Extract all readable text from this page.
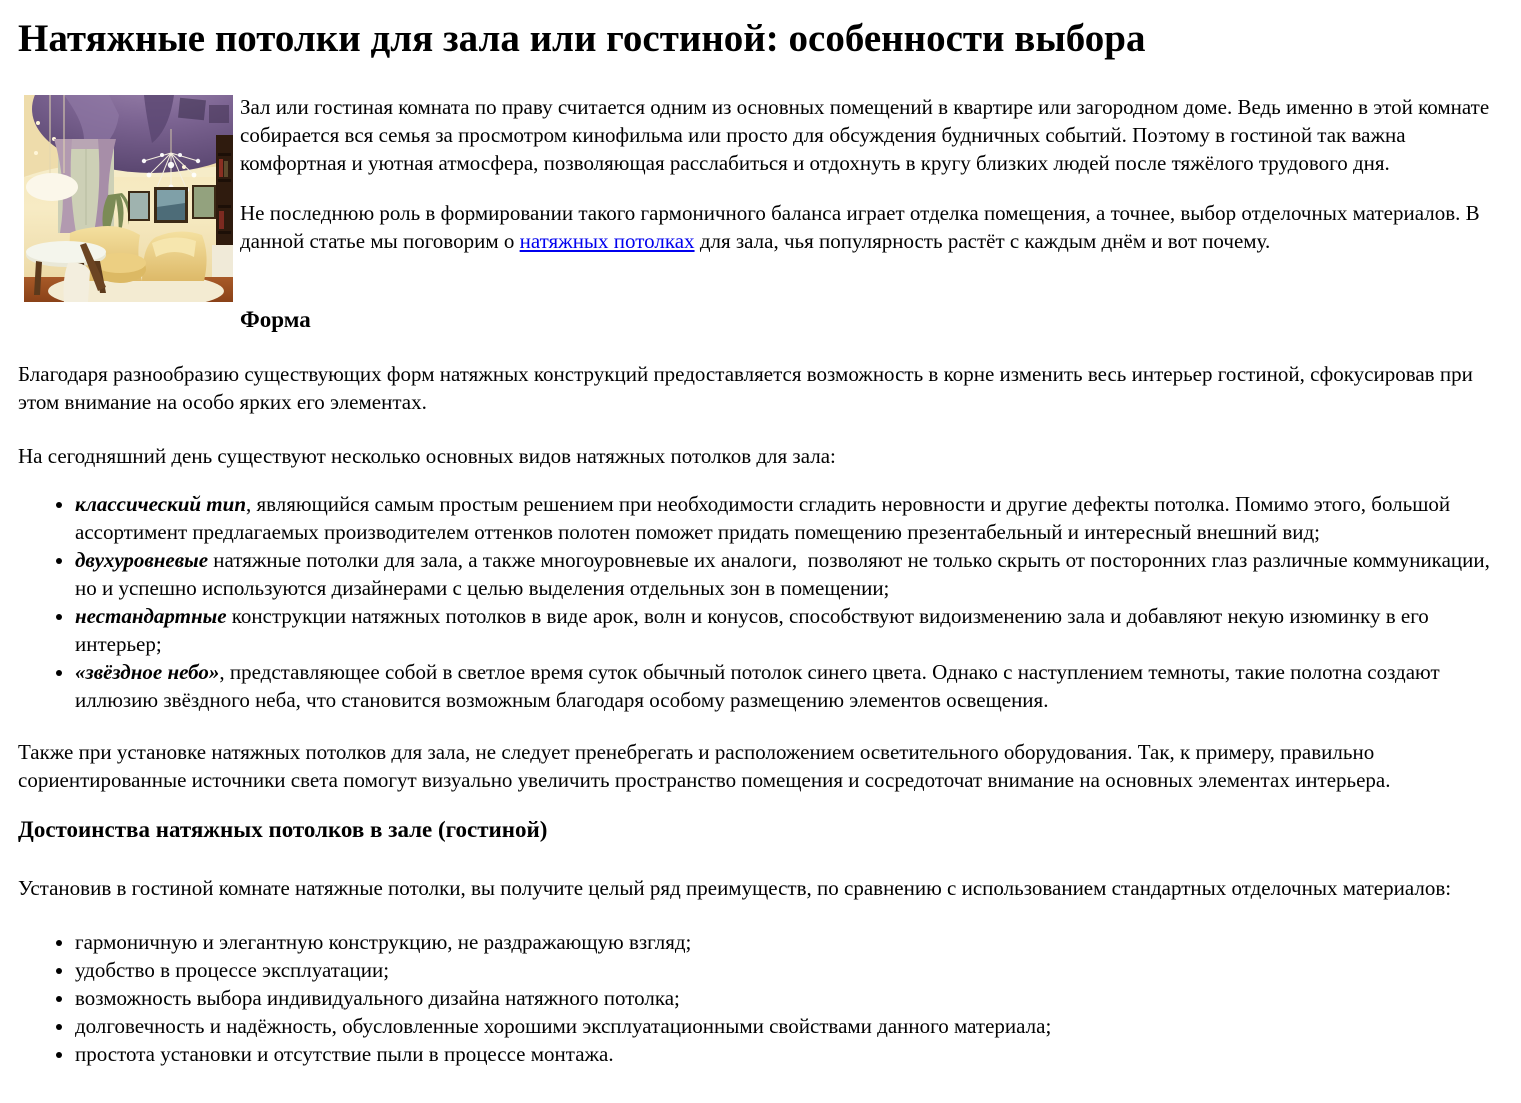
Натяжные потолки для зала или гостиной: особенности выбора

Зал или гостиная комната по праву считается одним из основных помещений в квартире или загородном доме. Ведь именно в этой комнате собирается вся семья за просмотром кинофильма или просто для обсуждения будничных событий. Поэтому в гостиной так важна комфортная и уютная атмосфера, позволяющая расслабиться и отдохнуть в кругу близких людей после тяжёлого трудового дня.

Не последнюю роль в формировании такого гармоничного баланса играет отделка помещения, а точнее, выбор отделочных материалов. В данной статье мы поговорим о натяжных потолках для зала, чья популярность растёт с каждым днём и вот почему.

Форма

Благодаря разнообразию существующих форм натяжных конструкций предоставляется возможность в корне изменить весь интерьер гостиной, сфокусировав при этом внимание на особо ярких его элементах.

На сегодняшний день существуют несколько основных видов натяжных потолков для зала:

• классический тип, являющийся самым простым решением при необходимости сгладить неровности и другие дефекты потолка. Помимо этого, большой ассортимент предлагаемых производителем оттенков полотен поможет придать помещению презентабельный и интересный внешний вид;
• двухуровневые натяжные потолки для зала, а также многоуровневые их аналоги,  позволяют не только скрыть от посторонних глаз различные коммуникации, но и успешно используются дизайнерами с целью выделения отдельных зон в помещении;
• нестандартные конструкции натяжных потолков в виде арок, волн и конусов, способствуют видоизменению зала и добавляют некую изюминку в его интерьер;
• «звёздное небо», представляющее собой в светлое время суток обычный потолок синего цвета. Однако с наступлением темноты, такие полотна создают иллюзию звёздного неба, что становится возможным благодаря особому размещению элементов освещения.

Также при установке натяжных потолков для зала, не следует пренебрегать и расположением осветительного оборудования. Так, к примеру, правильно сориентированные источники света помогут визуально увеличить пространство помещения и сосредоточат внимание на основных элементах интерьера.

Достоинства натяжных потолков в зале (гостиной)

Установив в гостиной комнате натяжные потолки, вы получите целый ряд преимуществ, по сравнению с использованием стандартных отделочных материалов:

• гармоничную и элегантную конструкцию, не раздражающую взгляд;
• удобство в процессе эксплуатации;
• возможность выбора индивидуального дизайна натяжного потолка;
• долговечность и надёжность, обусловленные хорошими эксплуатационными свойствами данного материала;
• простота установки и отсутствие пыли в процессе монтажа.
